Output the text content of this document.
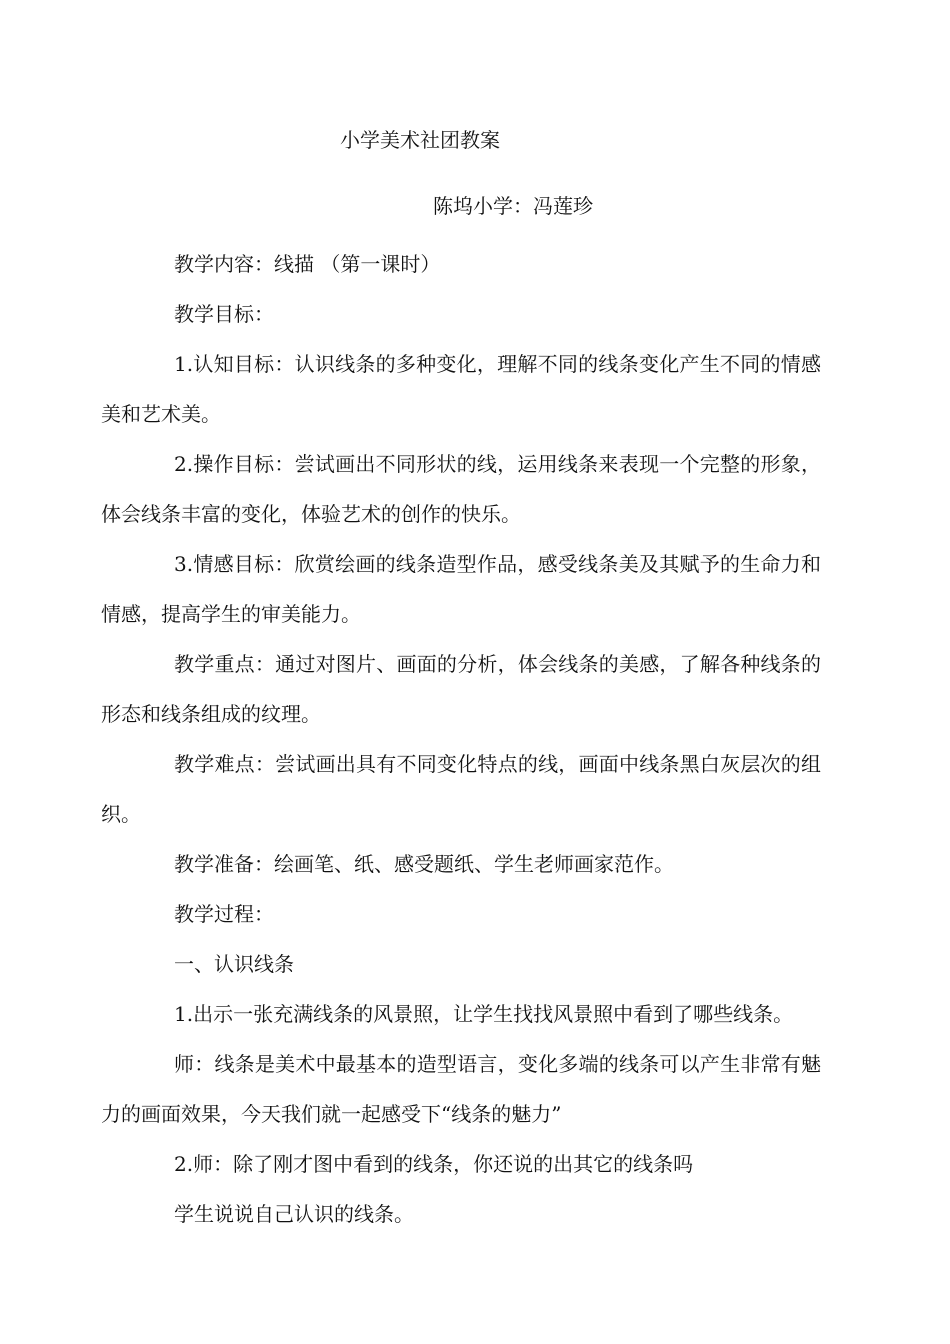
小学美术社团教案
陈坞小学：冯莲珍

教学内容：线描 （第一课时）

教学目标：

1.认知目标：认识线条的多种变化，理解不同的线条变化产生不同的情感美和艺术美。

2.操作目标：尝试画出不同形状的线，运用线条来表现一个完整的形象，体会线条丰富的变化，体验艺术的创作的快乐。

3.情感目标：欣赏绘画的线条造型作品，感受线条美及其赋予的生命力和情感，提高学生的审美能力。

教学重点：通过对图片、画面的分析，体会线条的美感，了解各种线条的形态和线条组成的纹理。

教学难点：尝试画出具有不同变化特点的线，画面中线条黑白灰层次的组织。

教学准备：绘画笔、纸、感受题纸、学生老师画家范作。

教学过程：

一、认识线条

1.出示一张充满线条的风景照，让学生找找风景照中看到了哪些线条。

师：线条是美术中最基本的造型语言，变化多端的线条可以产生非常有魅力的画面效果，今天我们就一起感受下“线条的魅力”

2.师：除了刚才图中看到的线条，你还说的出其它的线条吗

学生说说自己认识的线条。
